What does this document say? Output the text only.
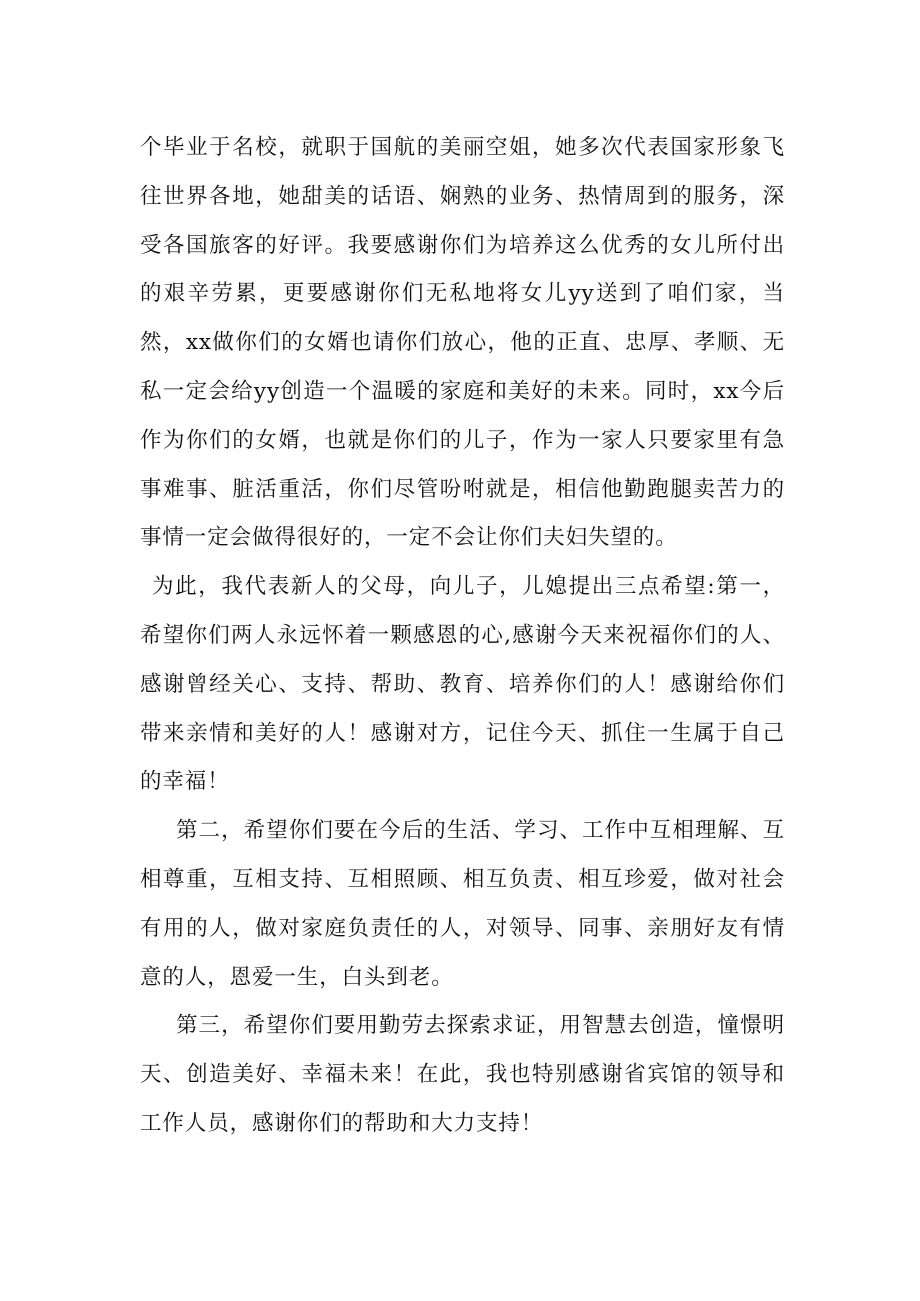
个毕业于名校，就职于国航的美丽空姐，她多次代表国家形象飞往世界各地，她甜美的话语、娴熟的业务、热情周到的服务，深受各国旅客的好评。我要感谢你们为培养这么优秀的女儿所付出的艰辛劳累，更要感谢你们无私地将女儿yy送到了咱们家，当然，xx做你们的女婿也请你们放心，他的正直、忠厚、孝顺、无私一定会给yy创造一个温暖的家庭和美好的未来。同时，xx今后作为你们的女婿，也就是你们的儿子，作为一家人只要家里有急事难事、脏活重活，你们尽管吩咐就是，相信他勤跑腿卖苦力的事情一定会做得很好的，一定不会让你们夫妇失望的。

为此，我代表新人的父母，向儿子，儿媳提出三点希望:第一，希望你们两人永远怀着一颗感恩的心,感谢今天来祝福你们的人、感谢曾经关心、支持、帮助、教育、培养你们的人！感谢给你们带来亲情和美好的人！感谢对方，记住今天、抓住一生属于自己的幸福！

第二，希望你们要在今后的生活、学习、工作中互相理解、互相尊重，互相支持、互相照顾、相互负责、相互珍爱，做对社会有用的人，做对家庭负责任的人，对领导、同事、亲朋好友有情意的人，恩爱一生，白头到老。

第三，希望你们要用勤劳去探索求证，用智慧去创造，憧憬明天、创造美好、幸福未来！在此，我也特别感谢省宾馆的领导和工作人员，感谢你们的帮助和大力支持！
